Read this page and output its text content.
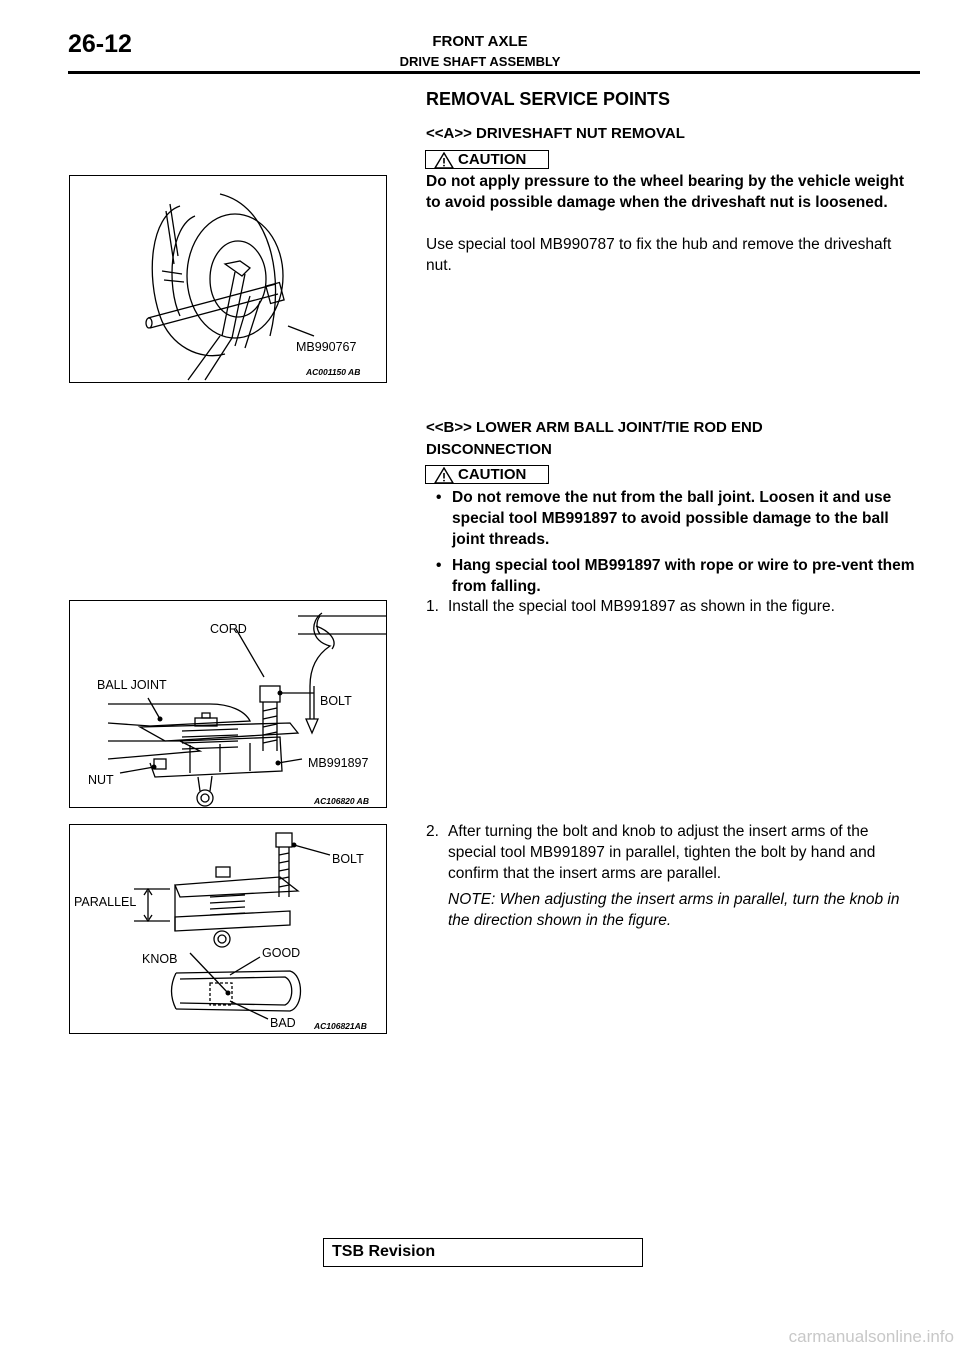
26-12	FRONT AXLE
DRIVE SHAFT ASSEMBLY
REMOVAL SERVICE POINTS
<<A>> DRIVESHAFT NUT REMOVAL
CAUTION
Do not apply pressure to the wheel bearing by the vehicle weight to avoid possible damage when the driveshaft nut is loosened.
Use special tool MB990787 to fix the hub and remove the driveshaft nut.
MB990767
AC001150 AB
<<B>> LOWER ARM BALL JOINT/TIE ROD END
DISCONNECTION
CAUTION
• Do not remove the nut from the ball joint. Loosen it and use special tool MB991897 to avoid possible damage to the ball joint threads.
• Hang special tool MB991897 with rope or wire to pre-vent them from falling.
1. Install the special tool MB991897 as shown in the figure.
2. After turning the bolt and knob to adjust the insert arms of the special tool MB991897 in parallel, tighten the bolt by hand and confirm that the insert arms are parallel.
NOTE: When adjusting the insert arms in parallel, turn the knob in the direction shown in the figure.
CORD
BALL JOINT
BOLT
MB991897
NUT
AC106820 AB
BOLT
PARALLEL
KNOB	GOOD
BAD AC106821AB
TSB Revision
carmanualsonline.info
